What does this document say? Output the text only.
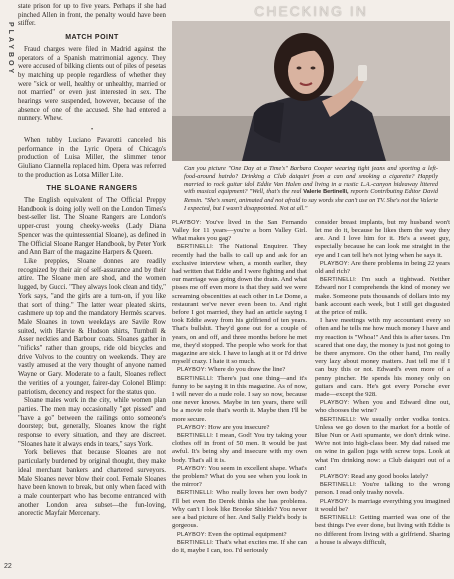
PLAYBOY
22

state prison for up to five years. Perhaps if she had pinched Allen in front, the penalty would have been stiffer.

MATCH POINT

Fraud charges were filed in Madrid against the operators of a Spanish matrimonial agency. They were accused of bilking clients out of piles of pesetas by matching up people regardless of whether they were "sick or well, healthy or unhealthy, married or not married" or even just interested in sex. The hearings were suspended, however, because of the absence of one of the accused. She had entered a nunnery. Whew.

•

When tubby Luciano Pavarotti canceled his performance in the Lyric Opera of Chicago's production of Luisa Miller, the slimmer tenor Giuliano Ciannella replaced him. Opera was referred to the production as Lotsa Miller Lite.

THE SLOANE RANGERS

The English equivalent of The Official Preppy Handbook is doing jolly well on the London Times's best-seller list. The Sloane Rangers are London's upper-crust young cheeky-weeks (Lady Diana Spencer was the quintessential Sloane), as defined in The Official Sloane Ranger Handbook, by Peter York and Ann Barr of the magazine Harpers & Queen.

Like preppies, Sloane donnes are readily recognized by their air of self-assurance and by their attire. The Sloane men are shod, and the women lugged, by Gucci. "They always look clean and tidy," York says, "and the girls are a turn-on, if you like that sort of thing." The latter wear pleated skirts, cashmere up top and the mandatory Hermès scarves. Male Sloanes in town weekdays are Savile Row suited, with Harvie & Hudson shirts, Turnbull & Asser neckties and Barbour coats. Sloanes gather in "nificks" rather than groups, ride old bicycles and drive Volvos to the country on weekends. They are vastly amused at the very thought of anyone named Wayne or Gary. Moderate to a fault, Sloanes reflect the verities of a younger, fairer-day Colonel Blimp: patriotism, decency and respect for the status quo.

Sloane males work in the city, while women plan parties. The men may occasionally "get pissed" and "have a go" between the railings onto someone's doorstep; but, generally, Sloanes know the right response to every situation, and they are discreet. "Sloanes hate it always ends in tears," says York.

York believes that because Sloanes are not particularly burdened by original thought, they make ideal merchant bankers and chartered surveyors. Male Sloanes never blow their cool. Female Sloanes have been known to break, but only when faced with a male counterpart who has become entranced with another London area subset—the fun-loving, anorectic Mayfair Mercenary.

CHECKING IN
Can you picture "One Day at a Time's" Barbara Cooper wearing tight jeans and sporting a left-food-around hairdo? Drinking a Club daiquiri from a can and smoking a cigarette? Happily married to rock guitar idol Eddie Van Halen and living in a rustic L.A.-canyon hideaway littered with musical equipment? "Well, that's the real Valerie Bertinelli, reports Contributing Editor David Rensin. "She's smart, animated and not afraid to say words she can't use on TV. She's not the Valerie I expected, but I wasn't disappointed. Not at all."

PLAYBOY: You've lived in the San Fernando Valley for 11 years—you're a born Valley Girl. What makes you gag?

BERTINELLI: The National Enquirer. They recently had the balls to call up and ask for an exclusive interview when, a month earlier, they had written that Eddie and I were fighting and that our marriage was going down the drain. And what pisses me off even more is that they said we were screaming obscenities at each other in Le Dome, a restaurant we've never even been to. And right before I got married, they had an article saying I took Eddie away from his girlfriend of ten years. That's bullshit. They'd gone out for a couple of years, on and off, and three months before he met me, they'd stopped. The people who work for that magazine are sick. I have to laugh at it or I'd drive myself crazy. I hate it so much.

PLAYBOY: Where do you draw the line?

BERTINELLI: There's just one thing—and it's funny to be saying it in this magazine. As of now, I will never do a nude role. I say so now, because one never knows. Maybe in ten years, there will be a movie role that's worth it. Maybe then I'll be more secure.

PLAYBOY: How are you insecure?

BERTINELLI: I mean, God! You try taking your clothes off in front of 50 men. It would be just awful. It's being shy and insecure with my own body. That's all it is.

PLAYBOY: You seem in excellent shape. What's the problem? What do you see when you look in the mirror?

BERTINELLI: Who really loves her own body? I'll bet even Bo Derek thinks she has problems. Why can't I look like Brooke Shields? You never see a bad picture of her. And Sally Field's body is gorgeous.

PLAYBOY: Even the optimal equipment?

BERTINELLI: That's what excites me. If she can do it, maybe I can, too. I'd seriously

consider breast implants, but my husband won't let me do it, because he likes them the way they are. And I love him for it. He's a sweet guy, especially because he can look me straight in the eye and I can tell he's not lying when he says it.

PLAYBOY: Are there problems in being 22 years old and rich?

BERTINELLI: I'm such a tightwad. Neither Edward nor I comprehends the kind of money we make. Someone puts thousands of dollars into my bank account each week, but I still get disgusted at the price of milk.

I have meetings with my accountant every so often and he tells me how much money I have and my reaction is "Whoa!" And this is after taxes. I'm scared that one day, the money is just not going to be there anymore. On the other hand, I'm really very lazy about money matters. Just tell me if I can buy this or not. Edward's even more of a penny pincher. He spends his money only on guitars and cars. He's got every Porsche ever made—except the 928.

PLAYBOY: When you and Edward dine out, who chooses the wine?

BERTINELLI: We usually order vodka tonics. Unless we go down to the market for a bottle of Blue Nun or Asti spumante, we don't drink wine. We're not into high-class beer. My dad raised me on wine in gallon jugs with screw tops. Look at what I'm drinking now: a Club daiquiri out of a can!

PLAYBOY: Read any good books lately?

BERTINELLI: You're talking to the wrong person. I read only trashy novels.

PLAYBOY: Is marriage everything you imagined it would be?

BERTINELLI: Getting married was one of the best things I've ever done, but living with Eddie is no different from living with a girlfriend. Sharing a house is always difficult,
